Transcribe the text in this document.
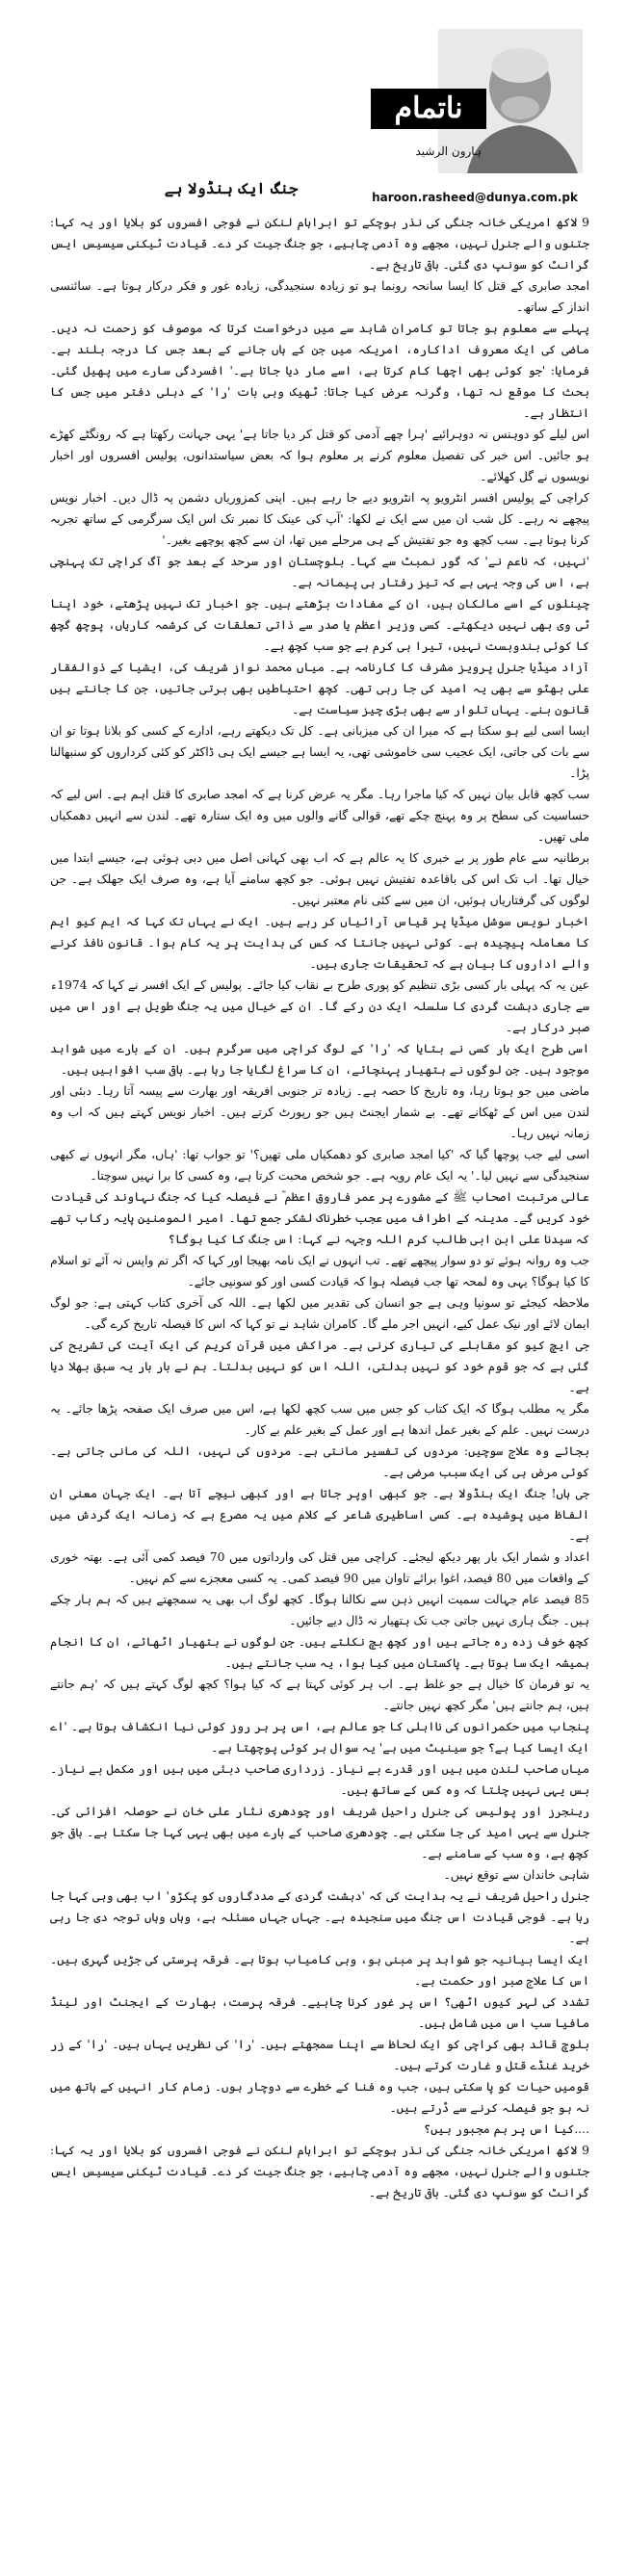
ناتمام
ہارون الرشید
جنگ ایک ہنڈولا ہے	haroon.rasheed@dunya.com.pk

9 لاکھ امریکی خانہ جنگی کی نذر ہوچکے تو ابراہام لنکن نے فوجی افسروں کو بلایا اور یہ کہا: جتنوں والے جنرل نہیں، مجھے وہ آدمی چاہیے، جو جنگ جیت کر دے۔ قیادت ٹیکنی سیسیس ایس گرانٹ کو سونپ دی گئی۔ باقی تاریخ ہے۔

امجد صابری کے قتل کا ایسا سانحہ رونما ہو تو زیادہ سنجیدگی، زیادہ غور و فکر درکار ہوتا ہے۔ سائنسی انداز کے ساتھ۔

پہلے سے معلوم ہو جاتا تو کامران شاہد سے میں درخواست کرتا کہ موصوف کو زحمت نہ دیں۔ ماضی کی ایک معروف اداکارہ، امریکہ میں جن کے ہاں جانے کے بعد جس کا درجہ بلند ہے۔ فرمایا: 'جو کوئی بھی اچھا کام کرتا ہے، اسے مار دیا جاتا ہے۔' افسردگی سارے میں پھیل گئی۔ بحث کا موقع نہ تھا، وگرنہ عرض کیا جاتا: ٹھیک وہی بات 'را' کے دہلی دفتر میں جس کا انتظار ہے۔

اس لیلے کو دوہنس نہ دوہرائیے 'ہرا چھے آدمی کو قتل کر دیا جاتا ہے' یہی جہانت رکھتا ہے کہ رونگٹے کھڑے ہو جائیں۔ اس خبر کی تفصیل معلوم کرنے پر معلوم ہوا کہ بعض سیاستدانوں، پولیس افسروں اور اخبار نویسوں نے گل کھلائے۔

کراچی کے پولیس افسر انٹرویو پہ انٹرویو دیے جا رہے ہیں۔ اپنی کمزوریاں دشمن پہ ڈال دیں۔ اخبار نویس پیچھے نہ رہے۔ کل شب ان میں سے ایک نے لکھا: 'آپ کی عینک کا نمبر تک اس ایک سرگرمی کے ساتھ تجربہ کرنا ہوتا ہے۔ سب کچھ وہ جو تفتیش کے ہی مرحلے میں تھا، ان سے کچھ پوچھے بغیر۔'

'نہیں، کہ ناعم نے' کہ گور نمبٹ سے کہا۔ بلوچستان اور سرحد کے بعد جو آگ کراچی تک پہنچی ہے، اس کی وجہ یہی ہے کہ تیز رفتار ہی پیمانہ ہے۔

چینلوں کے اسے مالکان ہیں، ان کے مفادات بڑھتے ہیں۔ جو اخبار تک نہیں پڑھتے، خود اپنا ٹی وی بھی نہیں دیکھتے۔ کسی وزیر اعظم یا صدر سے ذاتی تعلقات کی کرشمہ کاریاں، پوچھ گچھ کا کوئی بندوبست نہیں، تیرا ہی کرم ہے جو سب کچھ ہے۔

آزاد میڈیا جنرل پرویز مشرف کا کارنامہ ہے۔ میاں محمد نواز شریف کی، ایشیا کے ذوالفقار علی بھٹو سے بھی یہ امید کی جا رہی تھی۔ کچھ احتیاطیں بھی برتی جاتیں، جن کا جانتے ہیں قانون بنے۔ یہاں تلوار سے بھی بڑی چیز سیاست ہے۔

ایسا اسی لیے ہو سکتا ہے کہ میرا ان کی میزبانی ہے۔ کل تک دیکھتے رہے، ادارے کے کسی کو بلانا ہوتا تو ان سے بات کی جاتی، ایک عجیب سی خاموشی تھی، یہ ایسا ہے جیسے ایک ہی ڈاکٹر کو کئی کرداروں کو سنبھالنا پڑا۔

سب کچھ قابل بیان نہیں کہ کیا ماجرا رہا۔ مگر یہ عرض کرنا ہے کہ امجد صابری کا قتل اہم ہے۔ اس لیے کہ حساسیت کی سطح پر وہ پہنچ چکے تھے، قوالی گانے والوں میں وہ ایک ستارہ تھے۔ لندن سے انہیں دھمکیاں ملی تھیں۔

برطانیہ سے عام طور پر بے خبری کا یہ عالم ہے کہ اب بھی کہانی اصل میں دبی ہوئی ہے، جیسے ابتدا میں خیال تھا۔ اب تک اس کی باقاعدہ تفتیش نہیں ہوئی۔ جو کچھ سامنے آیا ہے، وہ صرف ایک جھلک ہے۔ جن لوگوں کی گرفتاریاں ہوئیں، ان میں سے کئی نام معتبر نہیں۔

اخبار نویس سوشل میڈیا پر قیاس آرائیاں کر رہے ہیں۔ ایک نے یہاں تک کہا کہ ایم کیو ایم کا معاملہ پیچیدہ ہے۔ کوئی نہیں جانتا کہ کس کی ہدایت پر یہ کام ہوا۔ قانون نافذ کرنے والے اداروں کا بیان ہے کہ تحقیقات جاری ہیں۔

عین یہ کہ پہلی بار کسی بڑی تنظیم کو پوری طرح بے نقاب کیا جائے۔ پولیس کے ایک افسر نے کہا کہ 1974ء سے جاری دہشت گردی کا سلسلہ ایک دن رکے گا۔ ان کے خیال میں یہ جنگ طویل ہے اور اس میں صبر درکار ہے۔

اسی طرح ایک بار کسی نے بتایا کہ 'را' کے لوگ کراچی میں سرگرم ہیں۔ ان کے بارے میں شواہد موجود ہیں۔ جن لوگوں نے ہتھیار پہنچائے، ان کا سراغ لگایا جا رہا ہے۔ باقی سب افواہیں ہیں۔

ماضی میں جو ہوتا رہا، وہ تاریخ کا حصہ ہے۔ زیادہ تر جنوبی افریقہ اور بھارت سے پیسہ آتا رہا۔ دبئی اور لندن میں اس کے ٹھکانے تھے۔ بے شمار ایجنٹ ہیں جو رپورٹ کرتے ہیں۔ اخبار نویس کہتے ہیں کہ اب وہ زمانہ نہیں رہا۔

اسی لیے جب پوچھا گیا کہ 'کیا امجد صابری کو دھمکیاں ملی تھیں؟' تو جواب تھا: 'ہاں، مگر انہوں نے کبھی سنجیدگی سے نہیں لیا۔' یہ ایک عام رویہ ہے۔ جو شخص محبت کرتا ہے، وہ کسی کا برا نہیں سوچتا۔

عالی مرتبت اصحاب ﷺ کے مشورے پر عمر فاروق اعظم ؓ نے فیصلہ کیا کہ جنگ نہاوند کی قیادت خود کریں گے۔ مدینہ کے اطراف میں عجب خطرناک لشکر جمع تھا۔ امیر المومنین پایہ رکاب تھے کہ سیدنا علی ابن ابی طالب کرم اللہ وجہہ نے کہا: اس جنگ کا کیا ہوگا؟

جب وہ روانہ ہوئے تو دو سوار پیچھے تھے۔ تب انہوں نے ایک نامہ بھیجا اور کہا کہ اگر تم واپس نہ آئے تو اسلام کا کیا ہوگا؟ یہی وہ لمحہ تھا جب فیصلہ ہوا کہ قیادت کسی اور کو سونپی جائے۔

ملاحظہ کیجئے تو سونپا وہی ہے جو انسان کی تقدیر میں لکھا ہے۔ اللہ کی آخری کتاب کہتی ہے: جو لوگ ایمان لائے اور نیک عمل کیے، انہیں اجر ملے گا۔ کامران شاہد نے تو کہا کہ اس کا فیصلہ تاریخ کرے گی۔

جی ایچ کیو کو مقابلے کی تیاری کرنی ہے۔ مراکش میں قرآن کریم کی ایک آیت کی تشریح کی گئی ہے کہ جو قوم خود کو نہیں بدلتی، اللہ اس کو نہیں بدلتا۔ ہم نے بار بار یہ سبق بھلا دیا ہے۔

مگر یہ مطلب ہوگا کہ ایک کتاب کو جس میں سب کچھ لکھا ہے، اس میں صرف ایک صفحہ پڑھا جائے۔ یہ درست نہیں۔ علم کے بغیر عمل اندھا ہے اور عمل کے بغیر علم بے کار۔

بجائے وہ علاج سوچیں: مردوں کی تفسیر مانتی ہے۔ مردوں کی نہیں، اللہ کی مانی جاتی ہے۔ کوئی مرض ہی کی ایک سبب مرضی ہے۔

جی ہاں! جنگ ایک ہنڈولا ہے۔ جو کبھی اوپر جاتا ہے اور کبھی نیچے آتا ہے۔ ایک جہان معنی ان الفاظ میں پوشیدہ ہے۔ کسی اساطیری شاعر کے کلام میں یہ مصرع ہے کہ زمانہ ایک گردش میں ہے۔

اعداد و شمار ایک بار پھر دیکھ لیجئے۔ کراچی میں قتل کی وارداتوں میں 70 فیصد کمی آئی ہے۔ بھتہ خوری کے واقعات میں 80 فیصد، اغوا برائے تاوان میں 90 فیصد کمی۔ یہ کسی معجزے سے کم نہیں۔

85 فیصد عام جہالت سمیت انہیں ذہن سے نکالنا ہوگا۔ کچھ لوگ اب بھی یہ سمجھتے ہیں کہ ہم ہار چکے ہیں۔ جنگ ہاری نہیں جاتی جب تک ہتھیار نہ ڈال دیے جائیں۔

کچھ خوف زدہ رہ جاتے ہیں اور کچھ بچ نکلتے ہیں۔ جن لوگوں نے ہتھیار اٹھائے، ان کا انجام ہمیشہ ایک سا ہوتا ہے۔ پاکستان میں کیا ہوا، یہ سب جانتے ہیں۔

یہ تو فرمان کا خیال ہے جو غلط ہے۔ اب ہر کوئی کہتا ہے کہ کیا ہوا؟ کچھ لوگ کہتے ہیں کہ 'ہم جانتے ہیں، ہم جانتے ہیں' مگر کچھ نہیں جانتے۔

پنجاب میں حکمرانوں کی نااہلی کا جو عالم ہے، اس پر ہر روز کوئی نیا انکشاف ہوتا ہے۔ 'اے ایک ایسا کیا ہے؟ جو سینیٹ میں ہے' یہ سوال ہر کوئی پوچھتا ہے۔

میاں صاحب لندن میں ہیں اور قدرے بے نیاز۔ زرداری صاحب دبئی میں ہیں اور مکمل بے نیاز۔ بس یہی نہیں چلتا کہ وہ کس کے ساتھ ہیں۔

رینجرز اور پولیس کی جنرل راحیل شریف اور چودھری نثار علی خان نے حوصلہ افزائی کی۔ جنرل سے یہی امید کی جا سکتی ہے۔ چودھری صاحب کے بارے میں بھی یہی کہا جا سکتا ہے۔ باقی جو کچھ ہے، وہ سب کے سامنے ہے۔

شاہی خاندان سے توقع نہیں۔

جنرل راحیل شریف نے یہ ہدایت کی کہ 'دہشت گردی کے مددگاروں کو پکڑو' اب بھی وہی کہا جا رہا ہے۔ فوجی قیادت اس جنگ میں سنجیدہ ہے۔ جہاں جہاں مسئلہ ہے، وہاں وہاں توجہ دی جا رہی ہے۔

ایک ایسا بیانیہ جو شواہد پر مبنی ہو، وہی کامیاب ہوتا ہے۔ فرقہ پرستی کی جڑیں گہری ہیں۔ اس کا علاج صبر اور حکمت ہے۔

تشدد کی لہر کیوں اٹھی؟ اس پر غور کرنا چاہیے۔ فرقہ پرست، بھارت کے ایجنٹ اور لینڈ مافیا سب اس میں شامل ہیں۔

بلوچ قائد بھی کراچی کو ایک لحاظ سے اپنا سمجھتے ہیں۔ 'را' کی نظریں یہاں ہیں۔ 'را' کے زر خرید غنڈے قتل و غارت کرتے ہیں۔

قومیں حیات کو پا سکتی ہیں، جب وہ فنا کے خطرے سے دوچار ہوں۔ زمام کار انہیں کے ہاتھ میں نہ ہو جو فیصلہ کرنے سے ڈرتے ہیں۔

....کیا اس پر ہم مجبور ہیں؟

9 لاکھ امریکی خانہ جنگی کی نذر ہوچکے تو ابراہام لنکن نے فوجی افسروں کو بلایا اور یہ کہا: جتنوں والے جنرل نہیں، مجھے وہ آدمی چاہیے، جو جنگ جیت کر دے۔ قیادت ٹیکنی سیسیس ایس گرانٹ کو سونپ دی گئی۔ باقی تاریخ ہے۔
